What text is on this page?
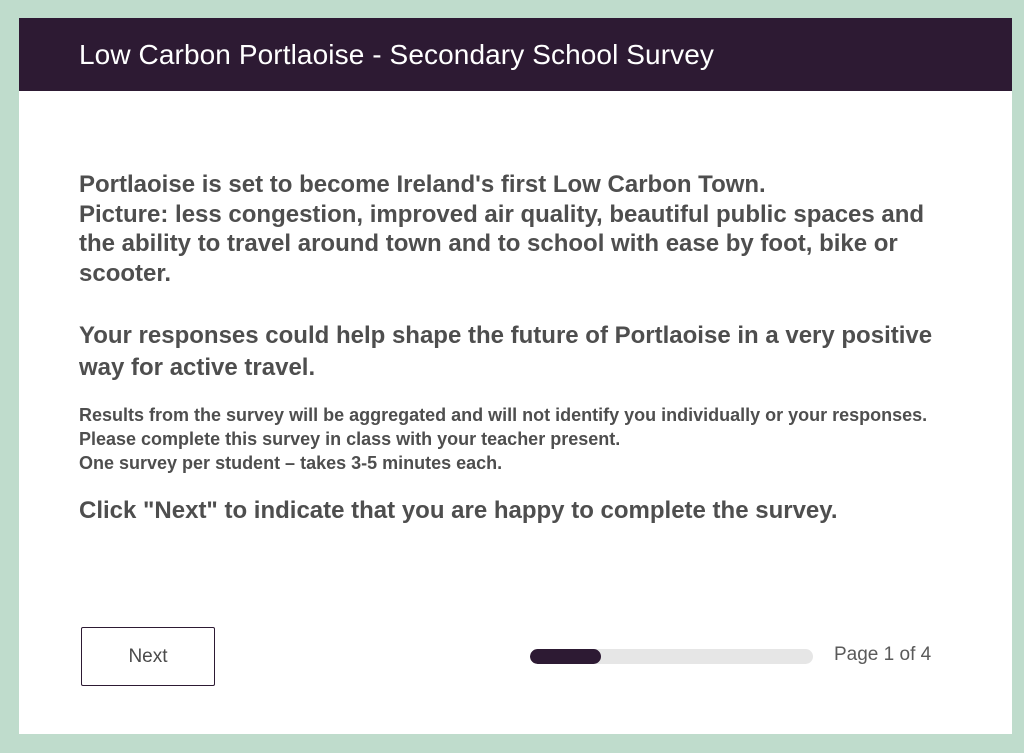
Low Carbon Portlaoise - Secondary School Survey

Portlaoise is set to become Ireland's first Low Carbon Town.

Picture: less congestion, improved air quality, beautiful public spaces and the ability to travel around town and to school with ease by foot, bike or scooter.

Your responses could help shape the future of Portlaoise in a very positive way for active travel.

Results from the survey will be aggregated and will not identify you individually or your responses.

Please complete this survey in class with your teacher present.

One survey per student – takes 3-5 minutes each.

Click "Next" to indicate that you are happy to complete the survey.

Next	Page 1 of 4
